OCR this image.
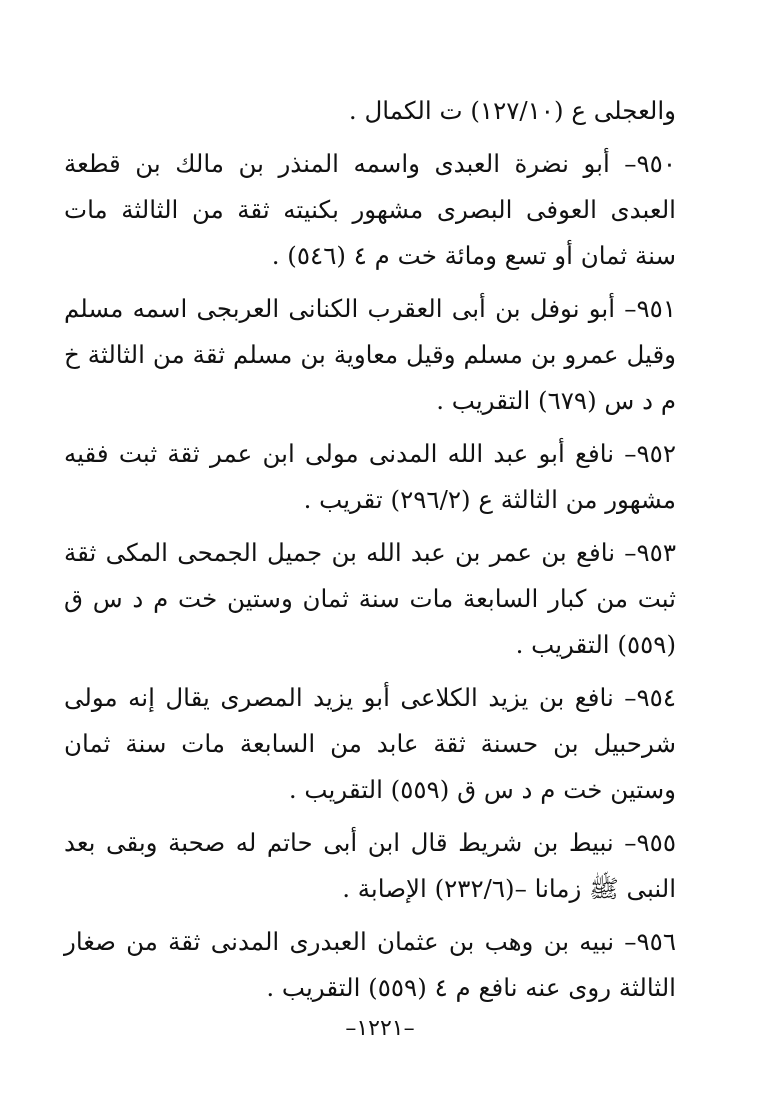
والعجلى ع (١٢٧/١٠) ت الكمال .
٩٥٠– أبو نضرة العبدى واسمه المنذر بن مالك بن قطعة العبدى العوفى البصرى مشهور بكنيته ثقة من الثالثة مات سنة ثمان أو تسع ومائة خت م ٤ (٥٤٦) .
٩٥١– أبو نوفل بن أبى العقرب الكنانى العربجى اسمه مسلم وقيل عمرو بن مسلم وقيل معاوية بن مسلم ثقة من الثالثة خ م د س (٦٧٩) التقريب .
٩٥٢– نافع أبو عبد الله المدنى مولى ابن عمر ثقة ثبت فقيه مشهور من الثالثة ع (٢٩٦/٢) تقريب .
٩٥٣– نافع بن عمر بن عبد الله بن جميل الجمحى المكى ثقة ثبت من كبار السابعة مات سنة ثمان وستين خت م د س ق (٥٥٩) التقريب .
٩٥٤– نافع بن يزيد الكلاعى أبو يزيد المصرى يقال إنه مولى شرحبيل بن حسنة ثقة عابد من السابعة مات سنة ثمان وستين خت م د س ق (٥٥٩) التقريب .
٩٥٥– نبيط بن شريط قال ابن أبى حاتم له صحبة وبقى بعد النبى ﷺ زمانا –(٢٣٢/٦) الإصابة .
٩٥٦– نبيه بن وهب بن عثمان العبدرى المدنى ثقة من صغار الثالثة روى عنه نافع م ٤ (٥٥٩) التقريب .
–١٢٢١–
